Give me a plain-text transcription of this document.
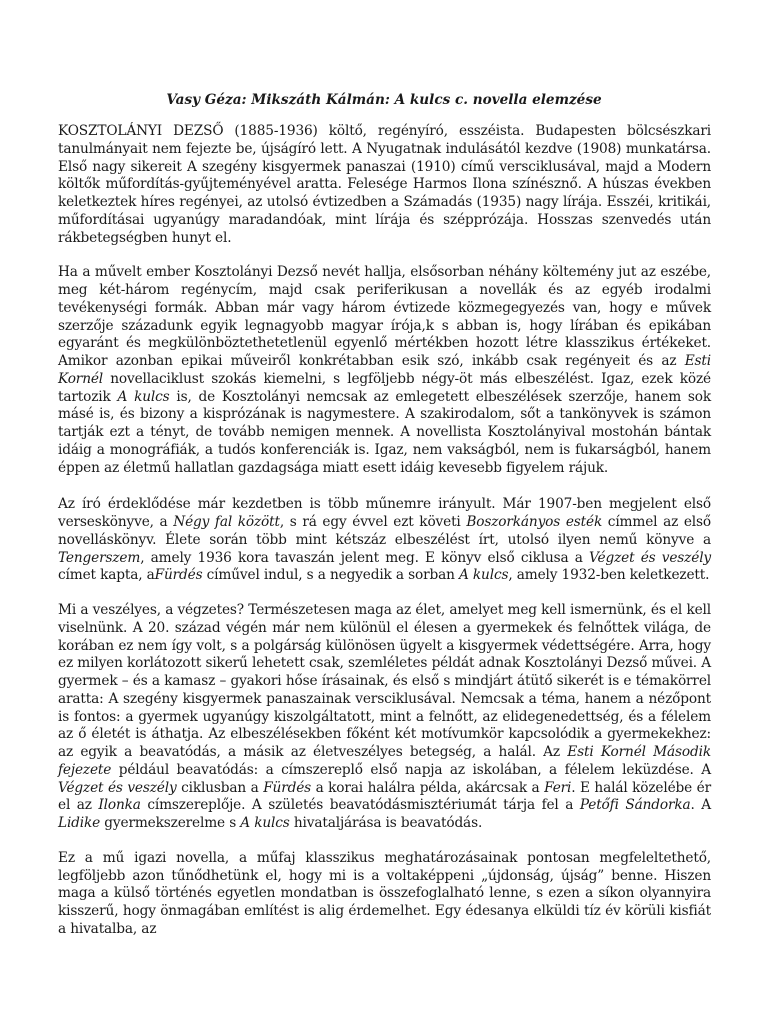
Vasy Géza: Mikszáth Kálmán: A kulcs c. novella elemzése

KOSZTOLÁNYI DEZSŐ (1885-1936) költő, regényíró, esszéista. Budapesten bölcsészkari tanulmányait nem fejezte be, újságíró lett. A Nyugatnak indulásától kezdve (1908) munkatársa. Első nagy sikereit A szegény kisgyermek panaszai (1910) című versciklusával, majd a Modern költők műfordítás-gyűjteményével aratta. Felesége Harmos Ilona színésznő. A húszas években keletkeztek híres regényei, az utolsó évtizedben a Számadás (1935) nagy lírája. Esszéi, kritikái, műfordításai ugyanúgy maradandóak, mint lírája és szépprózája. Hosszas szenvedés után rákbetegségben hunyt el.

Ha a művelt ember Kosztolányi Dezső nevét hallja, elsősorban néhány költemény jut az eszébe, meg két-három regénycím, majd csak periferikusan a novellák és az egyéb irodalmi tevékenységi formák. Abban már vagy három évtizede közmegegyezés van, hogy e művek szerzője századunk egyik legnagyobb magyar írója,k s abban is, hogy lírában és epikában egyaránt és megkülönböztethetetlenül egyenlő mértékben hozott létre klasszikus értékeket. Amikor azonban epikai műveiről konkrétabban esik szó, inkább csak regényeit és az Esti Kornél novellaciklust szokás kiemelni, s legföljebb négy-öt más elbeszélést. Igaz, ezek közé tartozik A kulcs is, de Kosztolányi nemcsak az emlegetett elbeszélések szerzője, hanem sok másé is, és bizony a kisprózának is nagymestere. A szakirodalom, sőt a tankönyvek is számon tartják ezt a tényt, de tovább nemigen mennek. A novellista Kosztolányival mostohán bántak idáig a monográfiák, a tudós konferenciák is. Igaz, nem vakságból, nem is fukarságból, hanem éppen az életmű hallatlan gazdagsága miatt esett idáig kevesebb figyelem rájuk.

Az író érdeklődése már kezdetben is több műnemre irányult. Már 1907-ben megjelent első verseskönyve, a Négy fal között, s rá egy évvel ezt követi Boszorkányos esték címmel az első novelláskönyv. Élete során több mint kétszáz elbeszélést írt, utolsó ilyen nemű könyve a Tengerszem, amely 1936 kora tavaszán jelent meg. E könyv első ciklusa a Végzet és veszély címet kapta, aFürdés cíművel indul, s a negyedik a sorban A kulcs, amely 1932-ben keletkezett.

Mi a veszélyes, a végzetes? Természetesen maga az élet, amelyet meg kell ismernünk, és el kell viselnünk. A 20. század végén már nem különül el élesen a gyermekek és felnőttek világa, de korában ez nem így volt, s a polgárság különösen ügyelt a kisgyermek védettségére. Arra, hogy ez milyen korlátozott sikerű lehetett csak, szemléletes példát adnak Kosztolányi Dezső művei. A gyermek – és a kamasz – gyakori hőse írásainak, és első s mindjárt átütő sikerét is e témakörrel aratta: A szegény kisgyermek panaszainak versciklusával. Nemcsak a téma, hanem a nézőpont is fontos: a gyermek ugyanúgy kiszolgáltatott, mint a felnőtt, az elidegenedettség, és a félelem az ő életét is áthatja. Az elbeszélésekben főként két motívumkör kapcsolódik a gyermekekhez: az egyik a beavatódás, a másik az életveszélyes betegség, a halál. Az Esti Kornél Második fejezete például beavatódás: a címszereplő első napja az iskolában, a félelem leküzdése. A Végzet és veszély ciklusban a Fürdés a korai halálra példa, akárcsak a Feri. E halál közelébe ér el az Ilonka címszereplője. A születés beavatódásmisztériumát tárja fel a Petőfi Sándorka. A Lidike gyermekszerelme s A kulcs hivataljárása is beavatódás.

Ez a mű igazi novella, a műfaj klasszikus meghatározásainak pontosan megfeleltethető, legföljebb azon tűnődhetünk el, hogy mi is a voltaképpeni „újdonság, újság” benne. Hiszen maga a külső történés egyetlen mondatban is összefoglalható lenne, s ezen a síkon olyannyira kisszerű, hogy önmagában említést is alig érdemelhet. Egy édesanya elküldi tíz év körüli kisfiát a hivatalba, az
